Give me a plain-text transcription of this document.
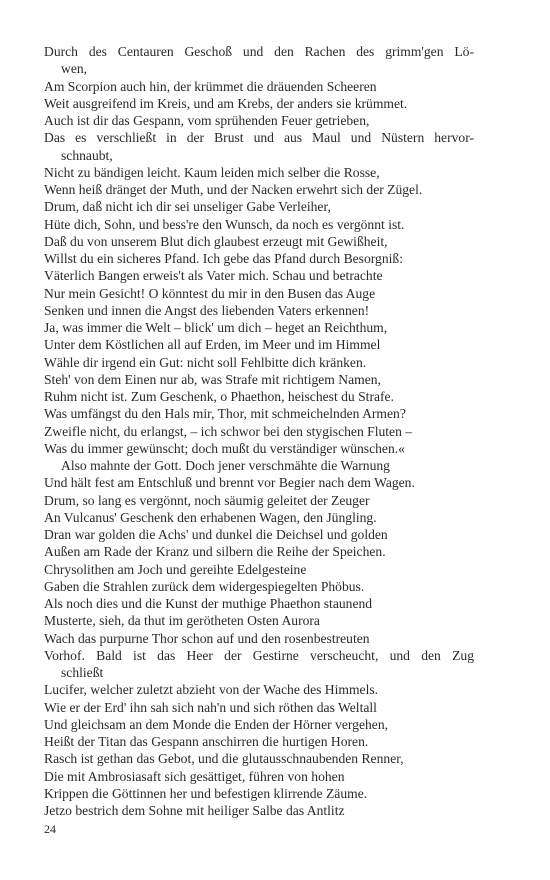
Durch des Centauren Geschoß und den Rachen des grimm'gen Lö-
wen,
Am Scorpion auch hin, der krümmet die dräuenden Scheeren
Weit ausgreifend im Kreis, und am Krebs, der anders sie krümmet.
Auch ist dir das Gespann, vom sprühenden Feuer getrieben,
Das es verschließt in der Brust und aus Maul und Nüstern hervor-
schnaubt,
Nicht zu bändigen leicht. Kaum leiden mich selber die Rosse,
Wenn heiß dränget der Muth, und der Nacken erwehrt sich der Zügel.
Drum, daß nicht ich dir sei unseliger Gabe Verleiher,
Hüte dich, Sohn, und bess're den Wunsch, da noch es vergönnt ist.
Daß du von unserem Blut dich glaubest erzeugt mit Gewißheit,
Willst du ein sicheres Pfand. Ich gebe das Pfand durch Besorgniß:
Väterlich Bangen erweis't als Vater mich. Schau und betrachte
Nur mein Gesicht! O könntest du mir in den Busen das Auge
Senken und innen die Angst des liebenden Vaters erkennen!
Ja, was immer die Welt – blick' um dich – heget an Reichthum,
Unter dem Köstlichen all auf Erden, im Meer und im Himmel
Wähle dir irgend ein Gut: nicht soll Fehlbitte dich kränken.
Steh' von dem Einen nur ab, was Strafe mit richtigem Namen,
Ruhm nicht ist. Zum Geschenk, o Phaethon, heischest du Strafe.
Was umfängst du den Hals mir, Thor, mit schmeichelnden Armen?
Zweifle nicht, du erlangst, – ich schwor bei den stygischen Fluten –
Was du immer gewünscht; doch mußt du verständiger wünschen.«
Also mahnte der Gott. Doch jener verschmähte die Warnung
Und hält fest am Entschluß und brennt vor Begier nach dem Wagen.
Drum, so lang es vergönnt, noch säumig geleitet der Zeuger
An Vulcanus' Geschenk den erhabenen Wagen, den Jüngling.
Dran war golden die Achs' und dunkel die Deichsel und golden
Außen am Rade der Kranz und silbern die Reihe der Speichen.
Chrysolithen am Joch und gereihte Edelgesteine
Gaben die Strahlen zurück dem widergespiegelten Phöbus.
Als noch dies und die Kunst der muthige Phaethon staunend
Musterte, sieh, da thut im gerötheten Osten Aurora
Wach das purpurne Thor schon auf und den rosenbestreuten
Vorhof. Bald ist das Heer der Gestirne verscheucht, und den Zug
schließt
Lucifer, welcher zuletzt abzieht von der Wache des Himmels.
Wie er der Erd' ihn sah sich nah'n und sich röthen das Weltall
Und gleichsam an dem Monde die Enden der Hörner vergehen,
Heißt der Titan das Gespann anschirren die hurtigen Horen.
Rasch ist gethan das Gebot, und die glutausschnaubenden Renner,
Die mit Ambrosiasaft sich gesättiget, führen von hohen
Krippen die Göttinnen her und befestigen klirrende Zäume.
Jetzo bestrich dem Sohne mit heiliger Salbe das Antlitz
24
